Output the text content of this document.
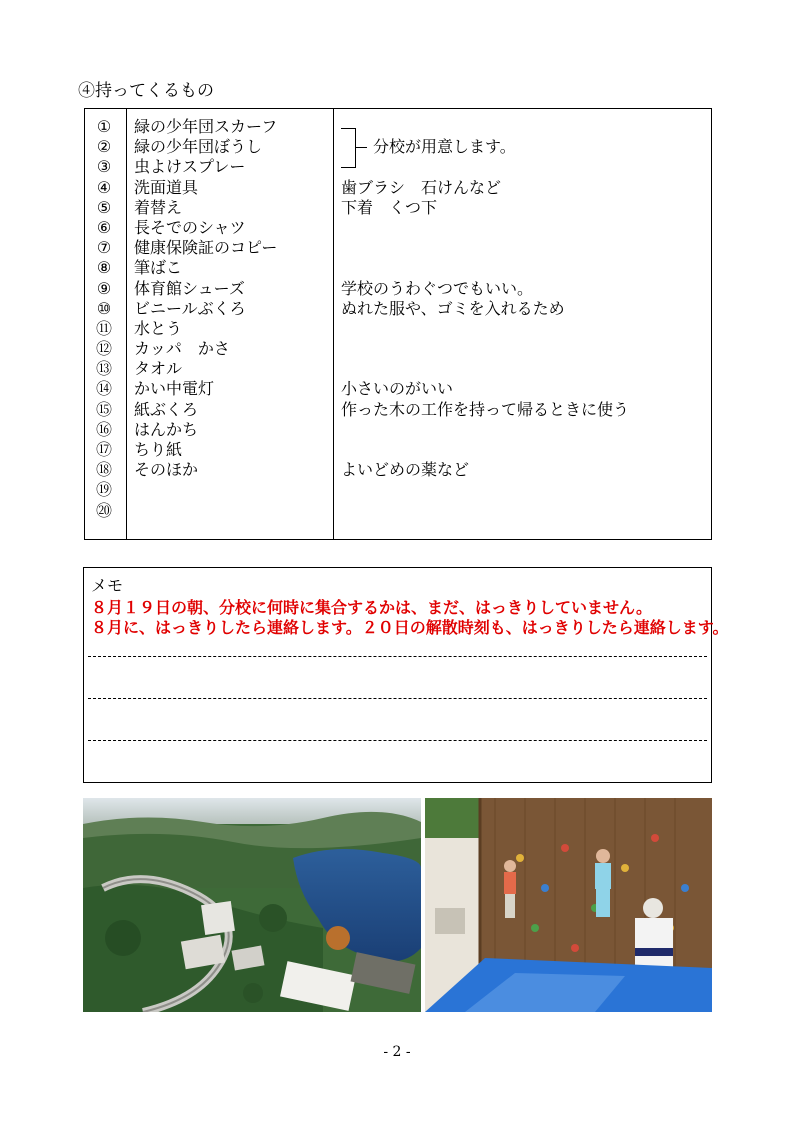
④持ってくるもの
①
②
③
④
⑤
⑥
⑦
⑧
⑨
⑩
⑪
⑫
⑬
⑭
⑮
⑯
⑰
⑱
⑲
⑳
緑の少年団スカーフ
緑の少年団ぼうし
虫よけスプレー
洗面道具
着替え
長そでのシャツ
健康保険証のコピー
筆ばこ
体育館シューズ
ビニールぶくろ
水とう
カッパ　かさ
タオル
かい中電灯
紙ぶくろ
はんかち
ちり紙
そのほか
分校が用意します。
歯ブラシ　石けんなど
下着　くつ下
学校のうわぐつでもいい。
ぬれた服や、ゴミを入れるため
小さいのがいい
作った木の工作を持って帰るときに使う
よいどめの薬など
メモ
８月１９日の朝、分校に何時に集合するかは、まだ、はっきりしていません。
８月に、はっきりしたら連絡します。２０日の解散時刻も、はっきりしたら連絡します。
- 2 -
